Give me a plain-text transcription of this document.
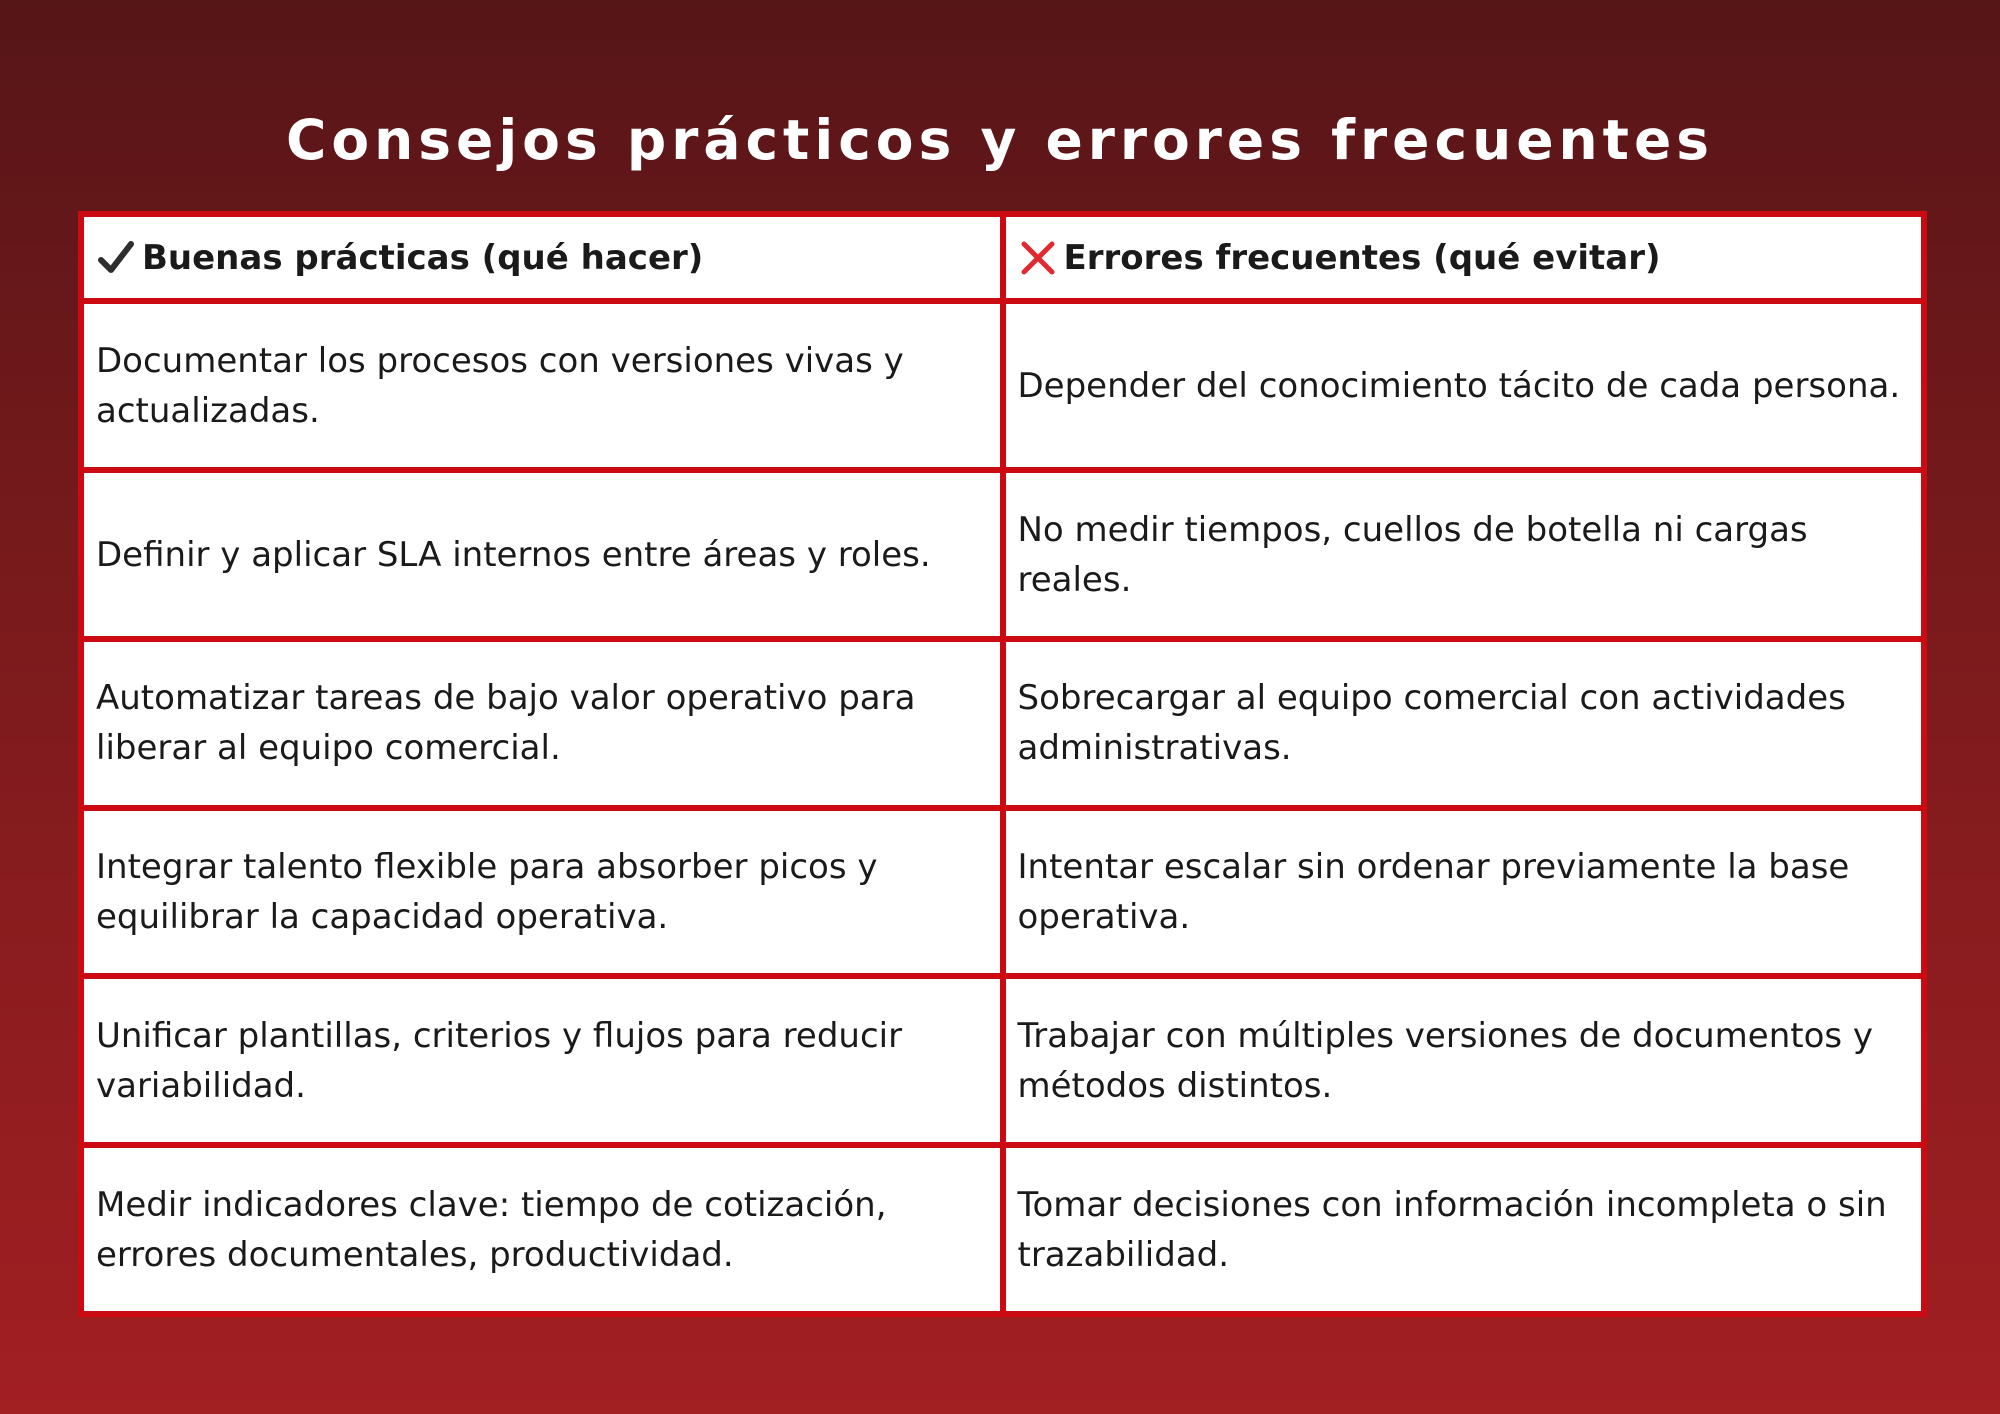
Consejos prácticos y errores frecuentes
Buenas prácticas (qué hacer)	Errores frecuentes (qué evitar)

Documentar los procesos con versiones vivas y actualizadas.	Depender del conocimiento tácito de cada persona.
Definir y aplicar SLA internos entre áreas y roles.	No medir tiempos, cuellos de botella ni cargas reales.
Automatizar tareas de bajo valor operativo para liberar al equipo comercial.	Sobrecargar al equipo comercial con actividades administrativas.
Integrar talento flexible para absorber picos y equilibrar la capacidad operativa.	Intentar escalar sin ordenar previamente la base operativa.
Unificar plantillas, criterios y flujos para reducir variabilidad.	Trabajar con múltiples versiones de documentos y métodos distintos.
Medir indicadores clave: tiempo de cotización, errores documentales, productividad.	Tomar decisiones con información incompleta o sin trazabilidad.
